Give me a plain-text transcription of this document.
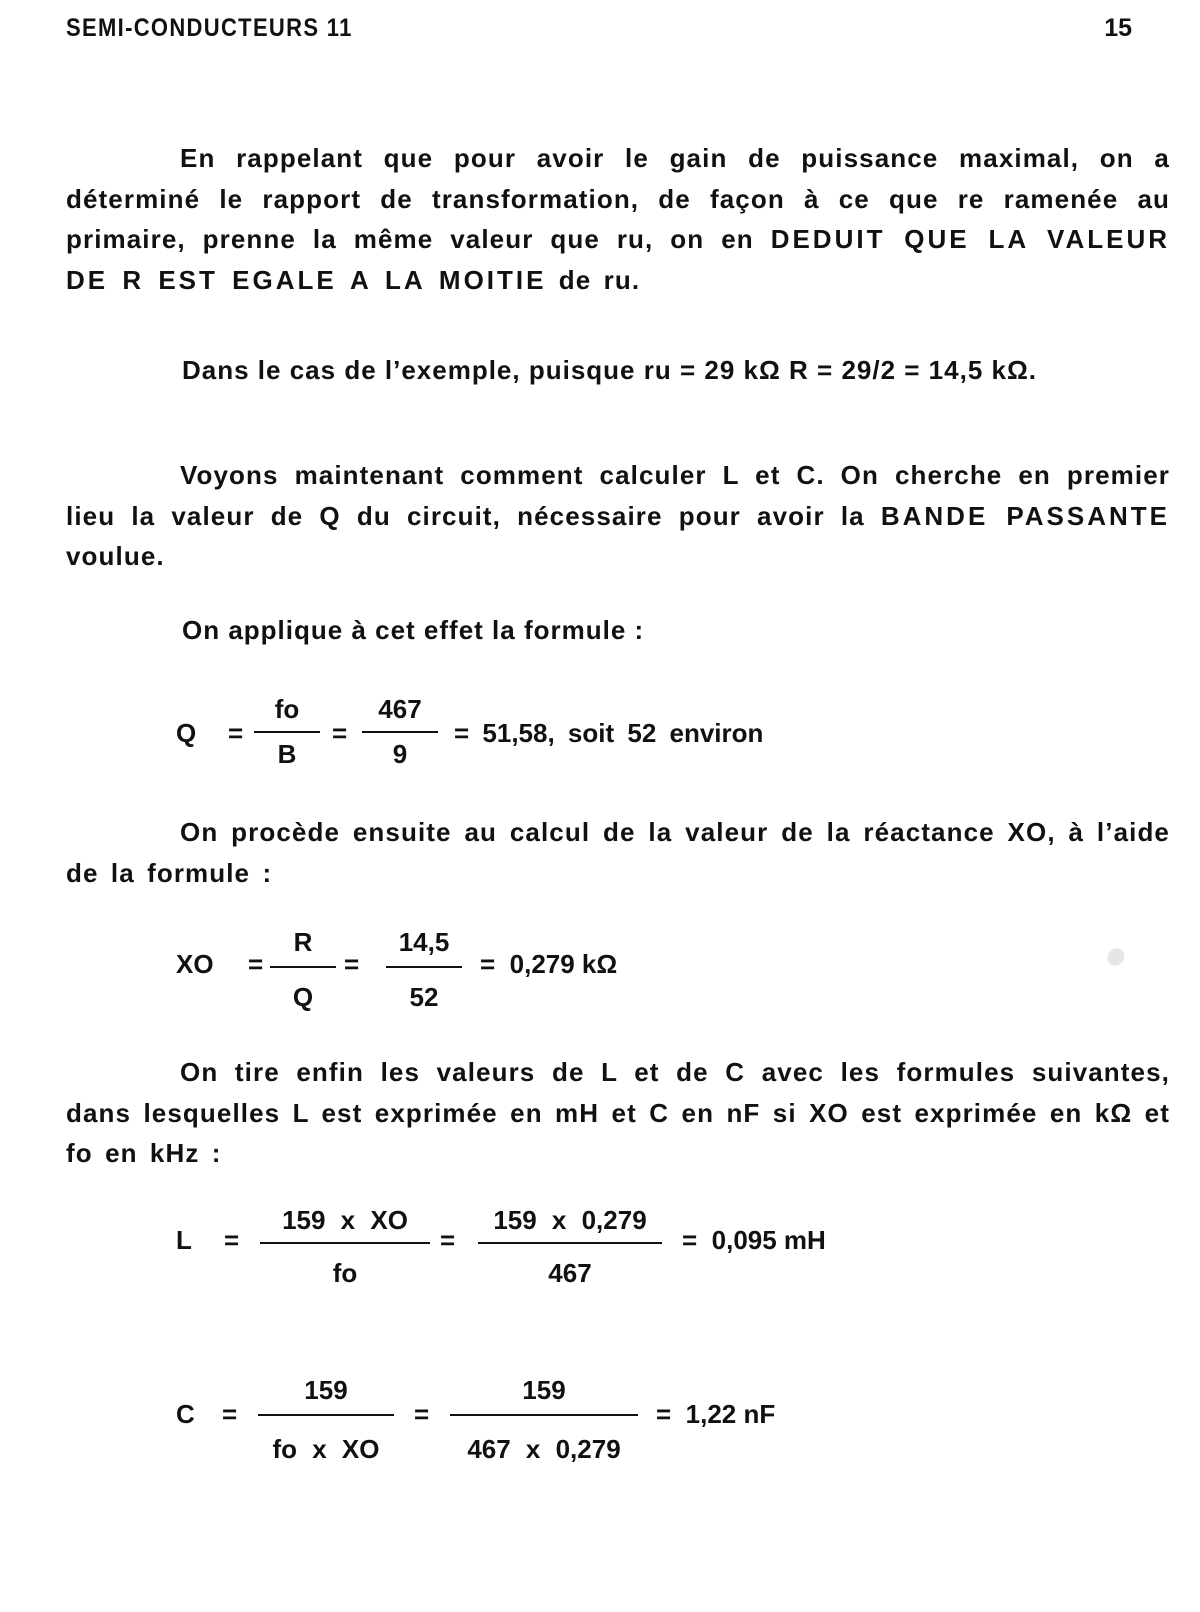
SEMI-CONDUCTEURS 11	15
En rappelant que pour avoir le gain de puissance maximal, on a déterminé le rapport de transformation, de façon à ce que re ramenée au primaire, prenne la même valeur que ru, on en DEDUIT QUE LA VALEUR DE R EST EGALE A LA MOITIE de ru.
Dans le cas de l’exemple, puisque ru = 29 kΩ R = 29/2 = 14,5 kΩ.
Voyons maintenant comment calculer L et C. On cherche en premier lieu la valeur de Q du circuit, nécessaire pour avoir la BANDE PASSANTE voulue.
On applique à cet effet la formule :
Q =
fo
B
=
467
9
= 51,58, soit 52 environ
On procède ensuite au calcul de la valeur de la réactance XO, à l’aide de la formule :
XO =
R
Q
=
14,5
52
=  0,279 kΩ
On tire enfin les valeurs de L et de C avec les formules suivantes, dans lesquelles L est exprimée en mH et C en nF si XO est exprimée en kΩ et fo en kHz :
L =
159 x XO
fo
=
159 x 0,279
467
=  0,095 mH
C =
159
fo x XO
=
159
467 x 0,279
=  1,22 nF
